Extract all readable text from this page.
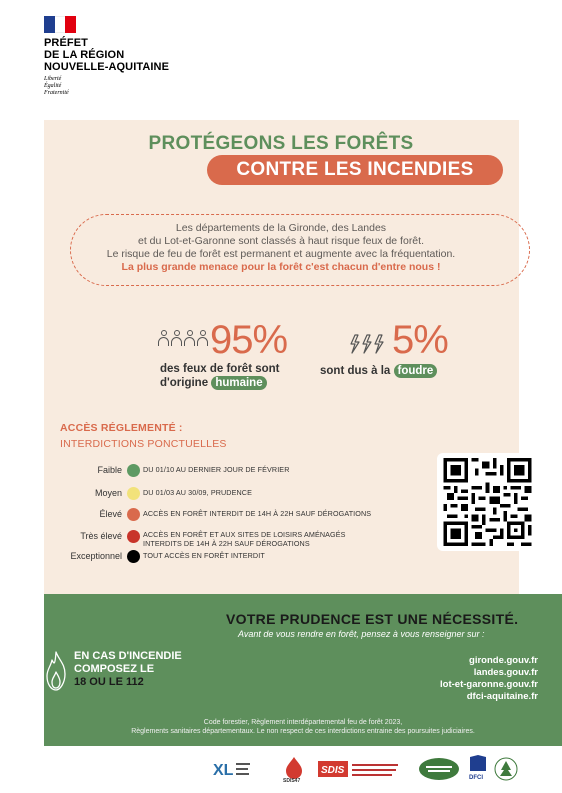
PRÉFET
DE LA RÉGION
NOUVELLE-AQUITAINE
Liberté
Égalité
Fraternité
PROTÉGEONS LES FORÊTS
CONTRE LES INCENDIES
Les départements de la Gironde, des Landes
et du Lot-et-Garonne sont classés à haut risque feux de forêt.
Le risque de feu de forêt est permanent et augmente avec la fréquentation.
La plus grande menace pour la forêt c'est chacun d'entre nous !
95%	5%
des feux de forêt sont
d'origine humaine
sont dus à la foudre
ACCÈS RÉGLEMENTÉ :
INTERDICTIONS PONCTUELLES
Faible	DU 01/10 AU DERNIER JOUR DE FÉVRIER
Moyen	DU 01/03 AU 30/09, PRUDENCE
Élevé	ACCÈS EN FORÊT INTERDIT DE 14H À 22H SAUF DÉROGATIONS
Très élevé	ACCÈS EN FORÊT ET AUX SITES DE LOISIRS AMÉNAGÉS
INTERDITS DE 14H À 22H SAUF DÉROGATIONS
Exceptionnel	TOUT ACCÈS EN FORÊT INTERDIT
VOTRE PRUDENCE EST UNE NÉCESSITÉ.
Avant de vous rendre en forêt, pensez à vous renseigner sur :
EN CAS D'INCENDIE
COMPOSEZ LE
18 OU LE 112
gironde.gouv.fr
landes.gouv.fr
lot-et-garonne.gouv.fr
dfci-aquitaine.fr
Code forestier, Règlement interdépartemental feu de forêt 2023,
Règlements sanitaires départementaux. Le non respect de ces interdictions entraine des poursuites judiciaires.
XL
SDIS47
SDIS
DFCI
